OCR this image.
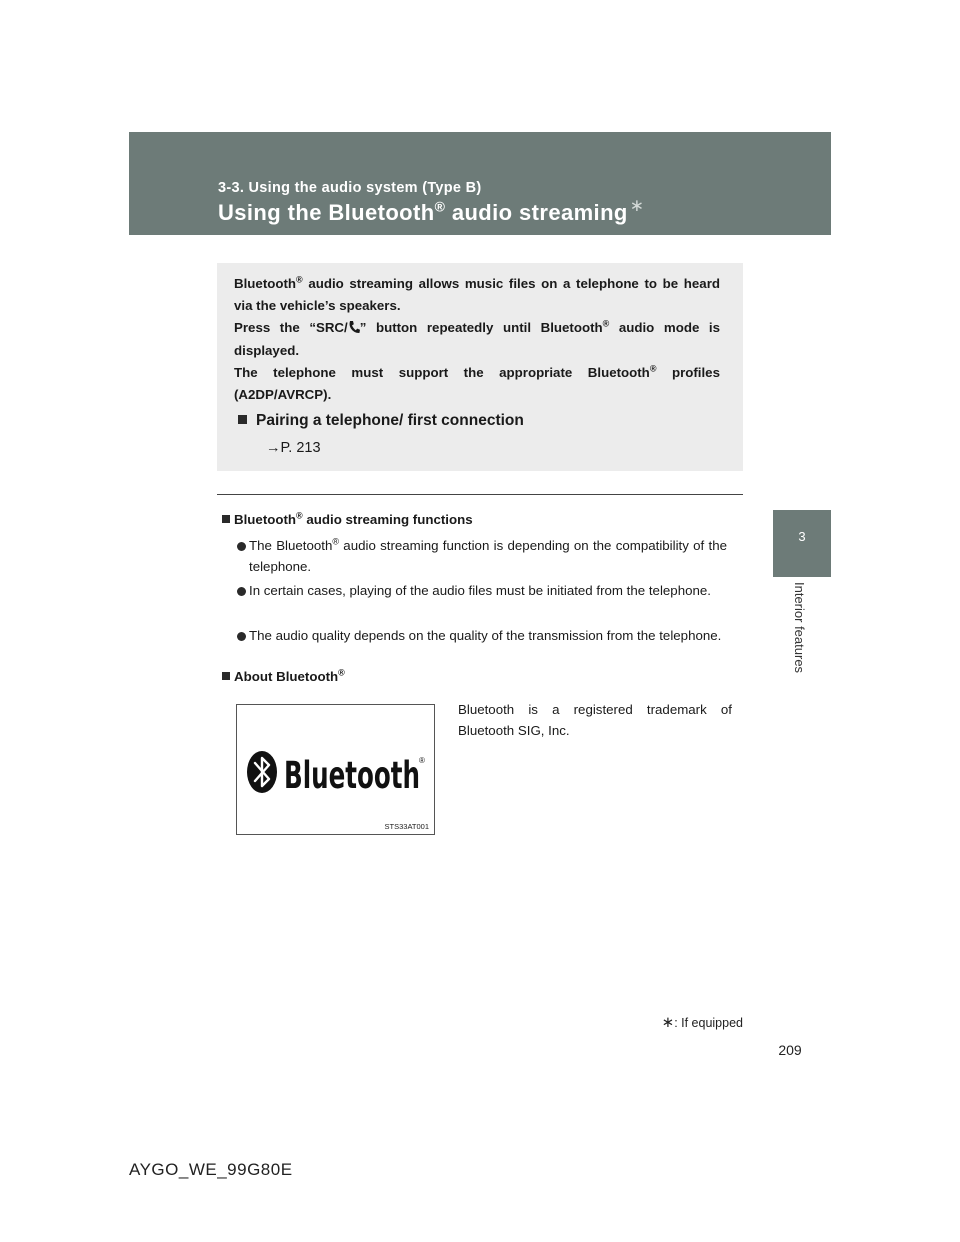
3-3. Using the audio system (Type B)
Using the Bluetooth® audio streaming ∗
3
Interior features

Bluetooth® audio streaming allows music files on a telephone to be heard via the vehicle’s speakers.

Press the “SRC/ ” button repeatedly until Bluetooth® audio mode is displayed.

The telephone must support the appropriate Bluetooth® profiles (A2DP/AVRCP).

Pairing a telephone/ first connection
→P. 213
Bluetooth® audio streaming functions
The Bluetooth® audio streaming function is depending on the compatibility of the telephone.
In certain cases, playing of the audio files must be initiated from the telephone.
The audio quality depends on the quality of the transmission from the telephone.
About Bluetooth®
Bluetooth is a registered trademark of Bluetooth SIG, Inc.
Bluetooth ®
STS33AT001
∗: If equipped
209
AYGO_WE_99G80E
